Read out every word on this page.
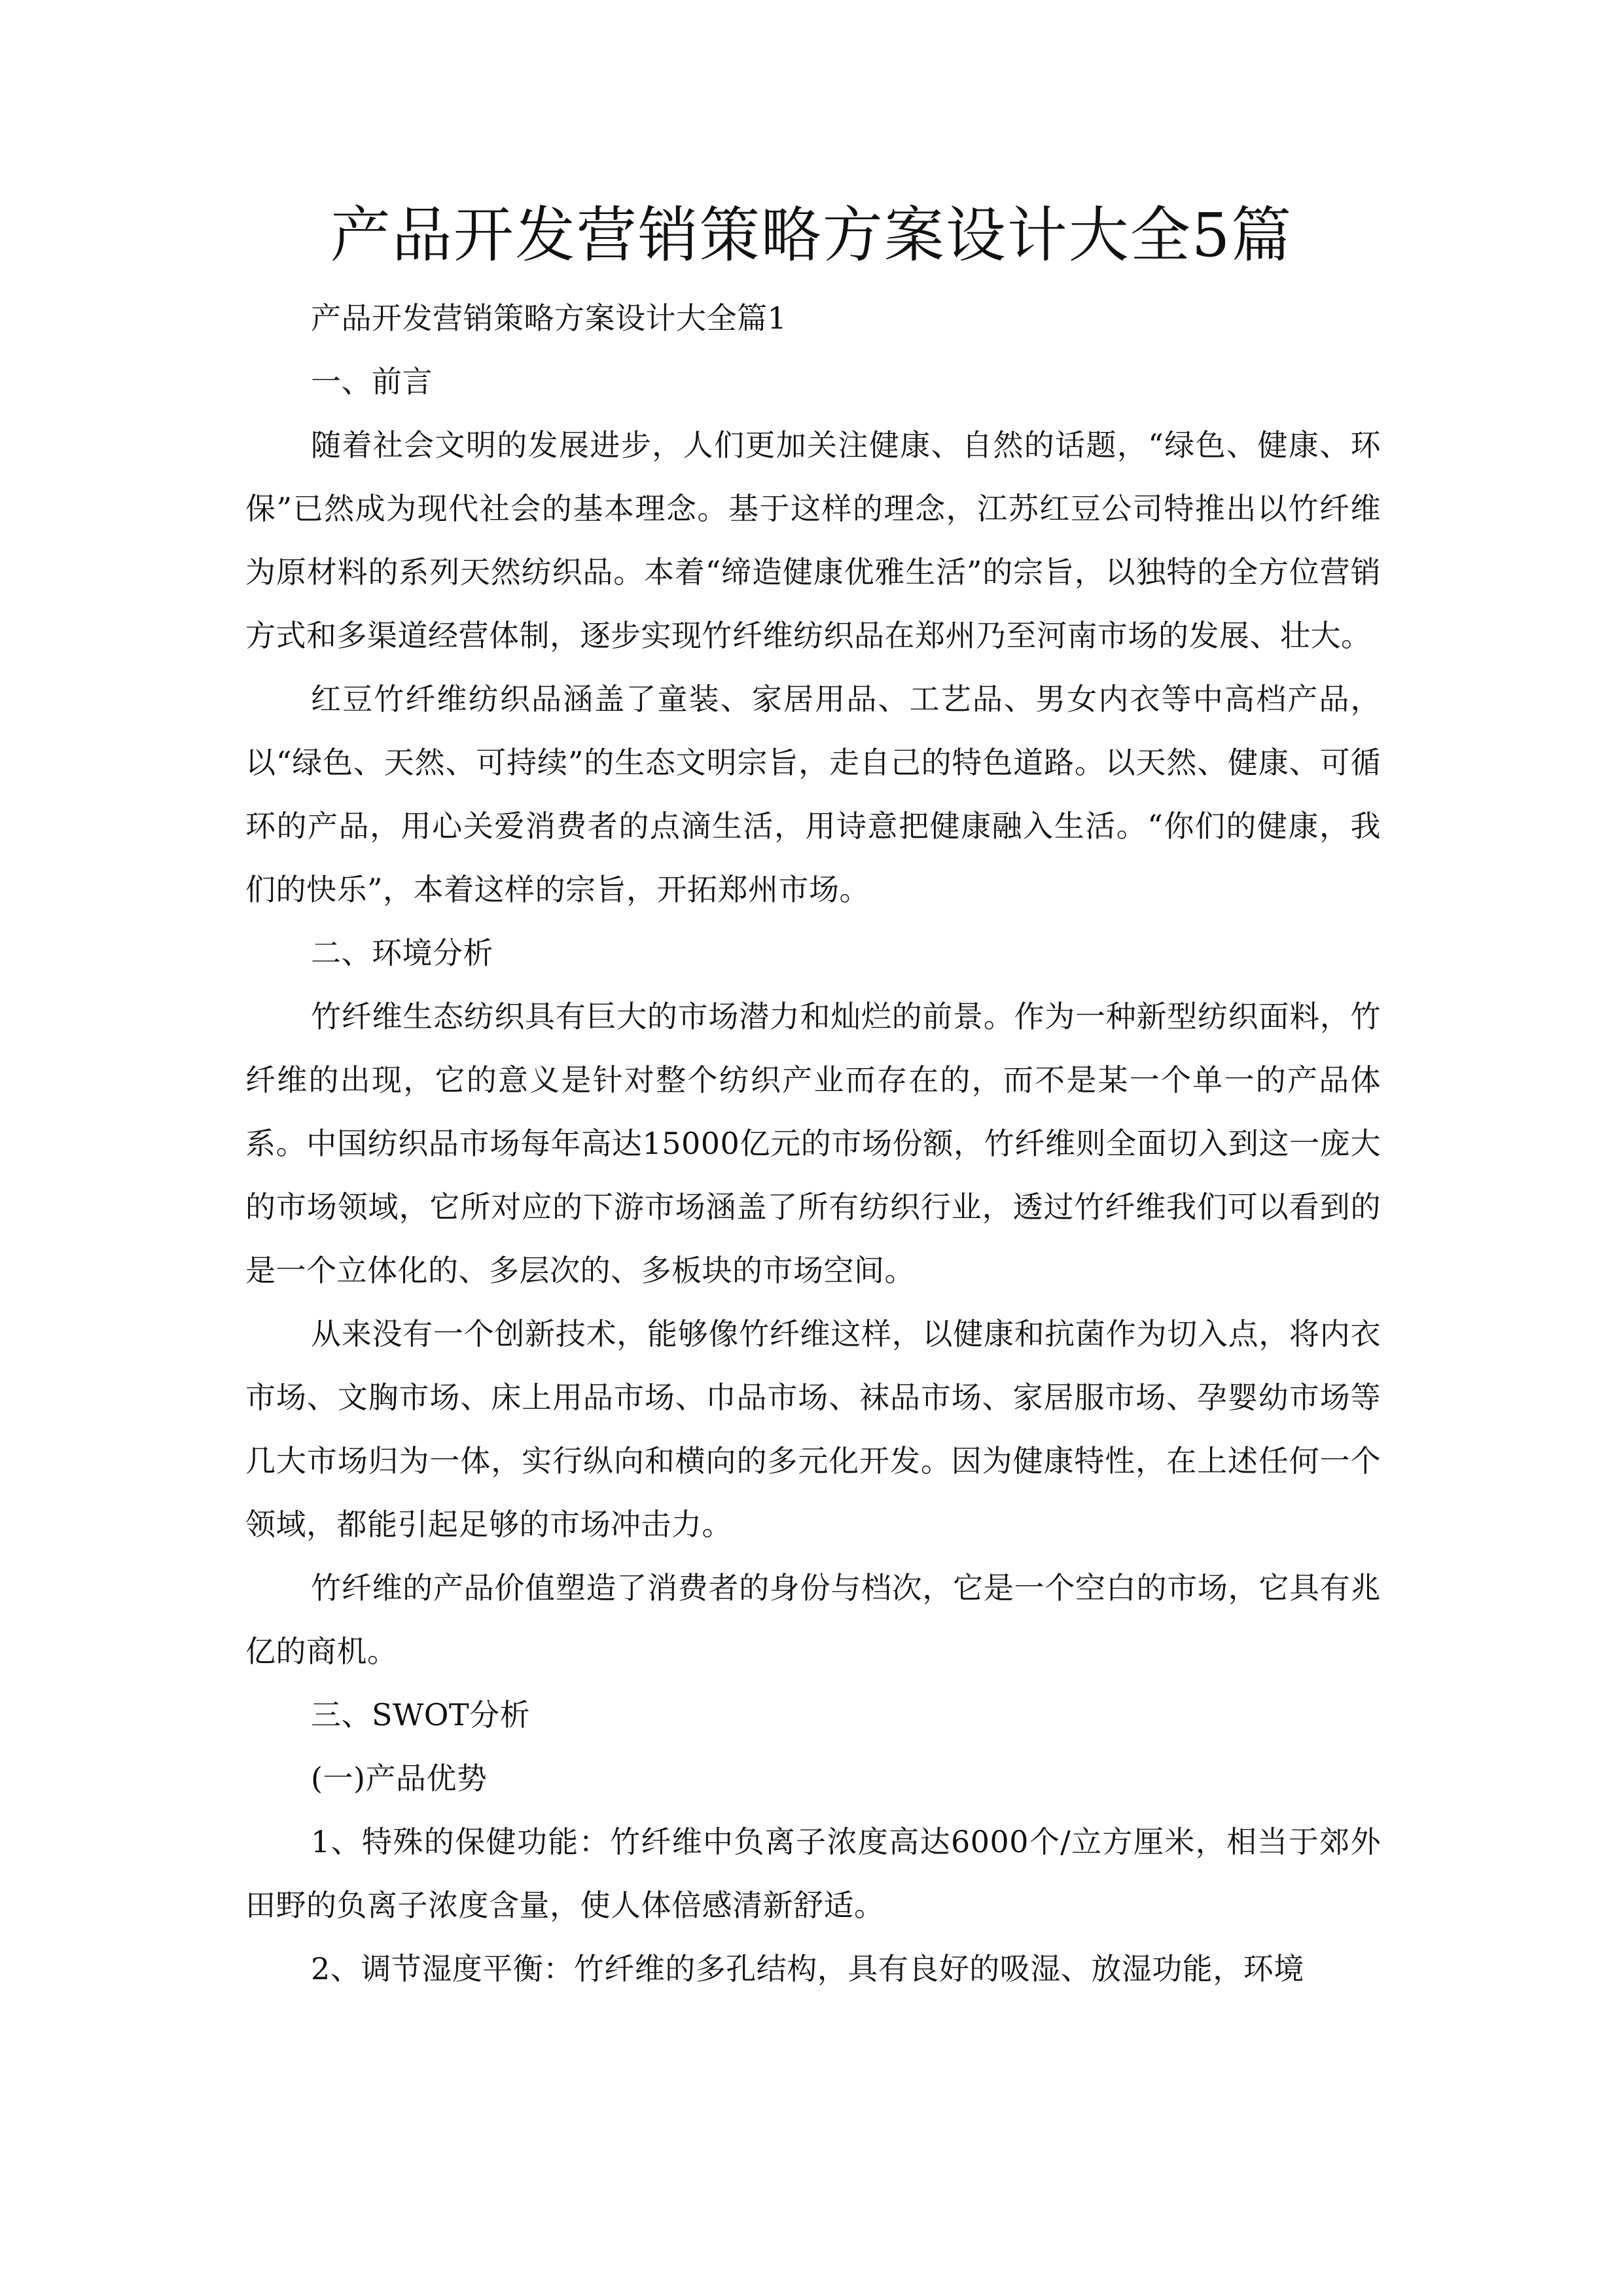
产品开发营销策略方案设计大全5篇

产品开发营销策略方案设计大全篇1

一、前言

随着社会文明的发展进步，人们更加关注健康、自然的话题，“绿色、健康、环保”已然成为现代社会的基本理念。基于这样的理念，江苏红豆公司特推出以竹纤维为原材料的系列天然纺织品。本着“缔造健康优雅生活”的宗旨，以独特的全方位营销方式和多渠道经营体制，逐步实现竹纤维纺织品在郑州乃至河南市场的发展、壮大。

红豆竹纤维纺织品涵盖了童装、家居用品、工艺品、男女内衣等中高档产品，以“绿色、天然、可持续”的生态文明宗旨，走自己的特色道路。以天然、健康、可循环的产品，用心关爱消费者的点滴生活，用诗意把健康融入生活。“你们的健康，我们的快乐”，本着这样的宗旨，开拓郑州市场。

二、环境分析

竹纤维生态纺织具有巨大的市场潜力和灿烂的前景。作为一种新型纺织面料，竹纤维的出现，它的意义是针对整个纺织产业而存在的，而不是某一个单一的产品体系。中国纺织品市场每年高达15000亿元的市场份额，竹纤维则全面切入到这一庞大的市场领域，它所对应的下游市场涵盖了所有纺织行业，透过竹纤维我们可以看到的是一个立体化的、多层次的、多板块的市场空间。

从来没有一个创新技术，能够像竹纤维这样，以健康和抗菌作为切入点，将内衣市场、文胸市场、床上用品市场、巾品市场、袜品市场、家居服市场、孕婴幼市场等几大市场归为一体，实行纵向和横向的多元化开发。因为健康特性，在上述任何一个领域，都能引起足够的市场冲击力。

竹纤维的产品价值塑造了消费者的身份与档次，它是一个空白的市场，它具有兆亿的商机。

三、SWOT分析

(一)产品优势

1、特殊的保健功能：竹纤维中负离子浓度高达6000个/立方厘米，相当于郊外田野的负离子浓度含量，使人体倍感清新舒适。

2、调节湿度平衡：竹纤维的多孔结构，具有良好的吸湿、放湿功能，环境
